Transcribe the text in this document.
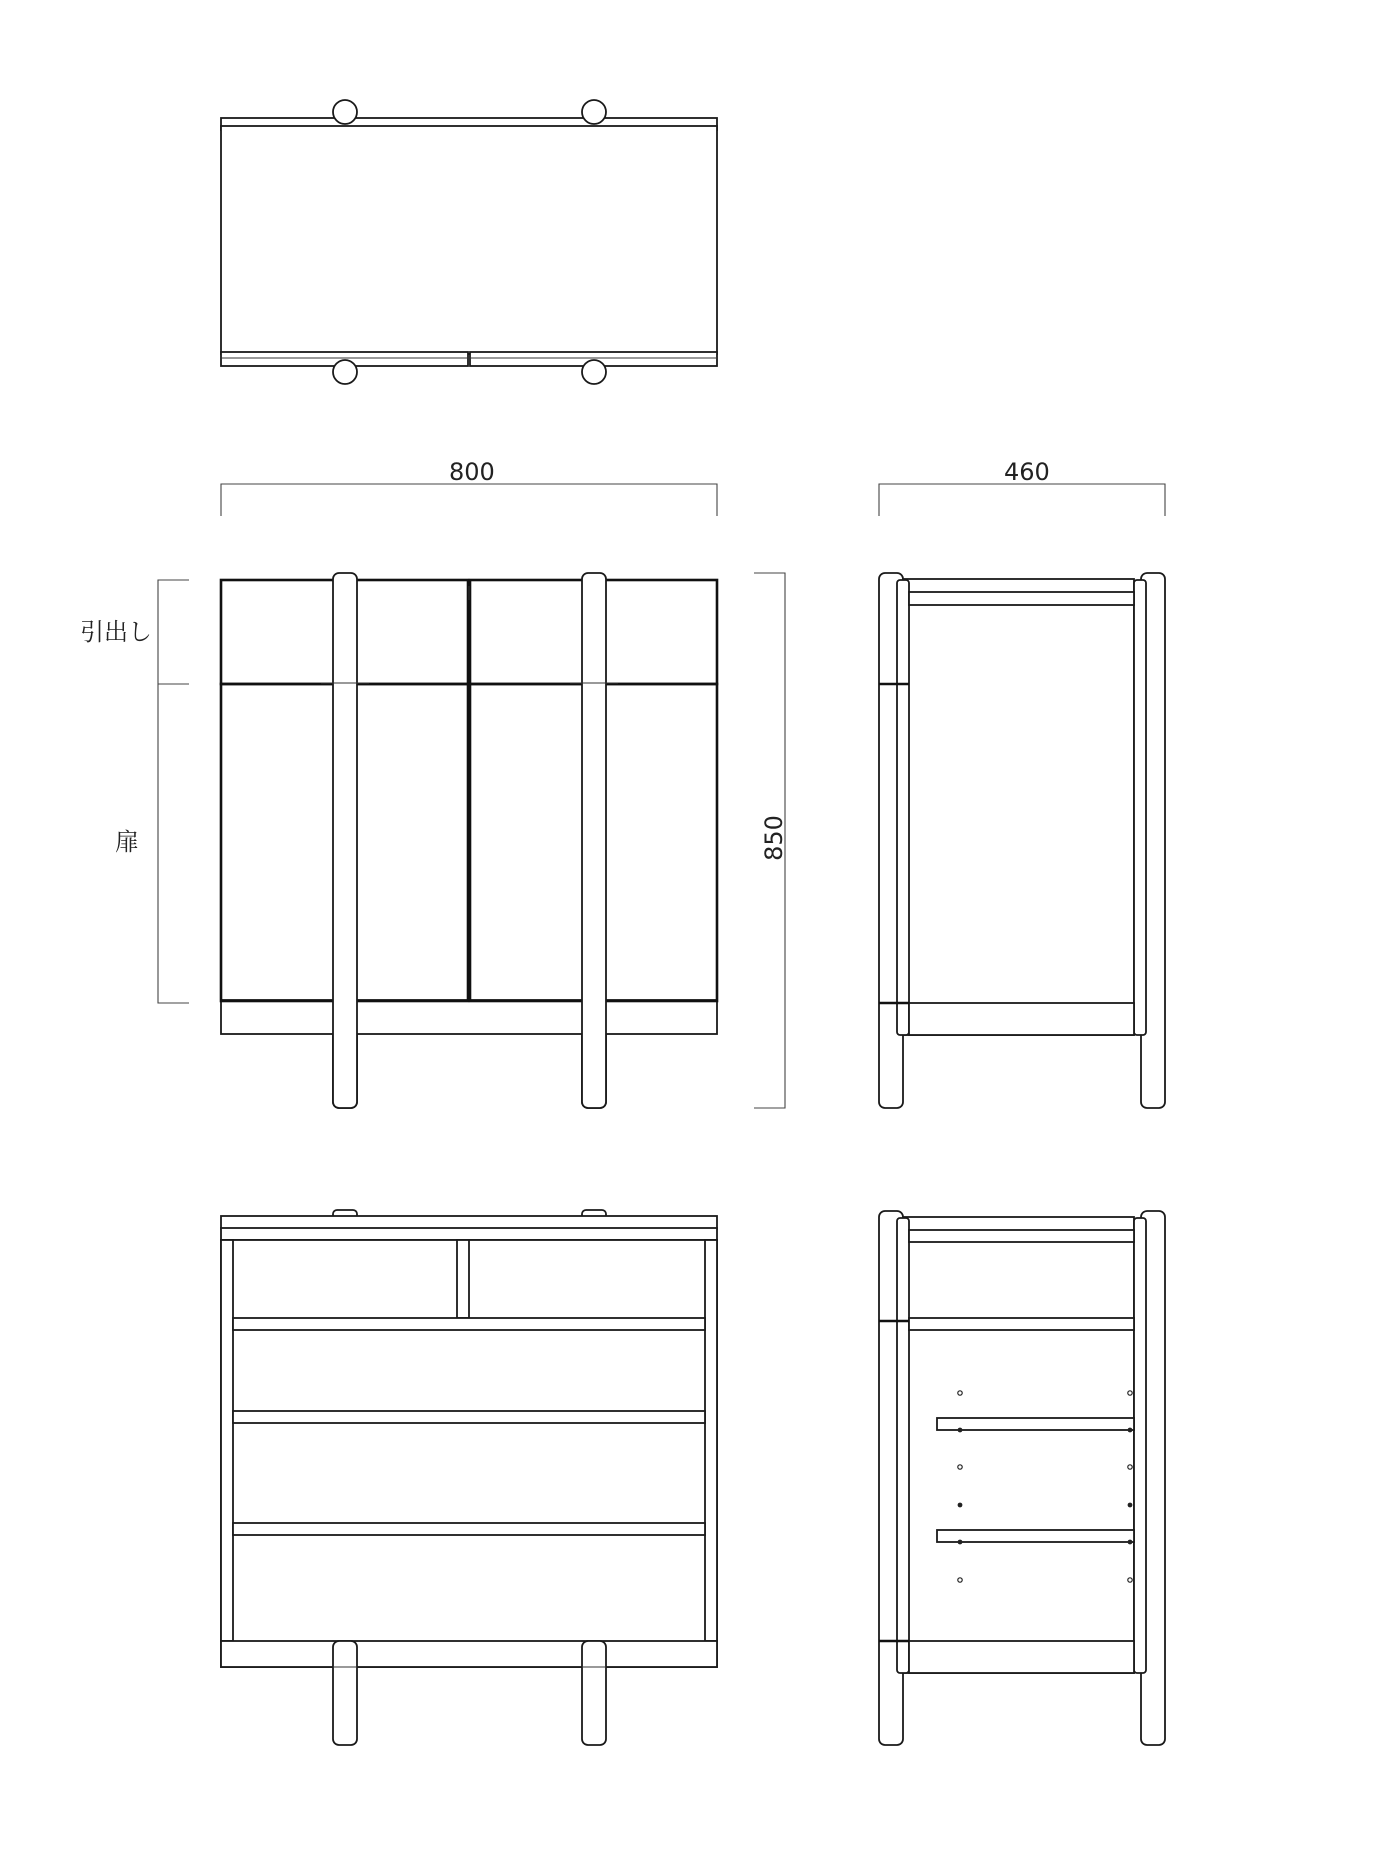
800	460
850
引出し
扉
